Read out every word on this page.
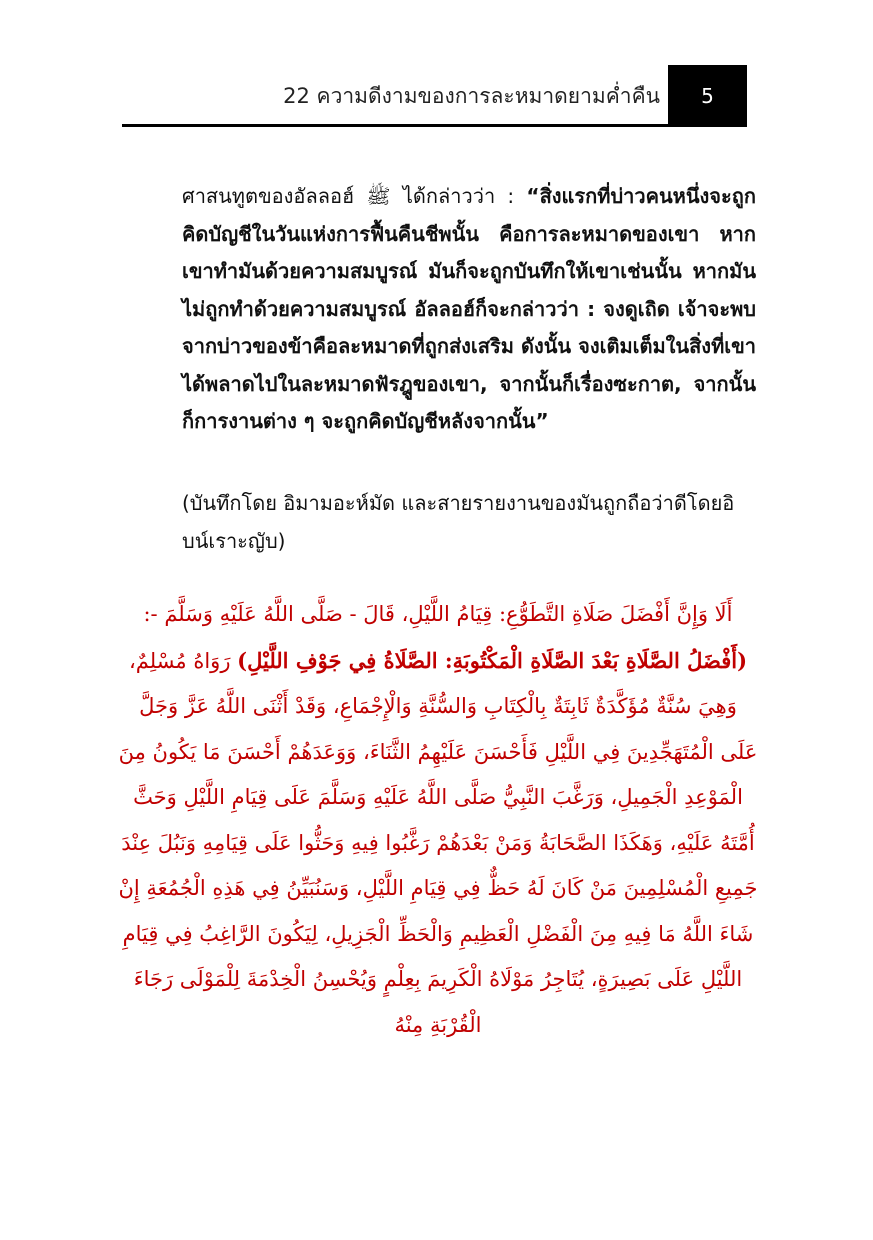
22 ความดีงามของการละหมาดยามค่ำคืน 5
ศาสนทูตของอัลลอฮ์ ﷺ ได้กล่าวว่า : “สิ่งแรกที่บ่าวคนหนึ่งจะถูกคิดบัญชีในวันแห่งการฟื้นคืนชีพนั้น คือการละหมาดของเขา หากเขาทำมันด้วยความสมบูรณ์ มันก็จะถูกบันทึกให้เขาเช่นนั้น หากมันไม่ถูกทำด้วยความสมบูรณ์ อัลลอฮ์ก็จะกล่าวว่า : จงดูเถิด เจ้าจะพบจากบ่าวของข้าคือละหมาดที่ถูกส่งเสริม ดังนั้น จงเติมเต็มในสิ่งที่เขาได้พลาดไปในละหมาดฟัรฎูของเขา, จากนั้นก็เรื่องซะกาต, จากนั้นก็การงานต่าง ๆ จะถูกคิดบัญชีหลังจากนั้น”
(บันทึกโดย อิมามอะห์มัด และสายรายงานของมันถูกถือว่าดีโดยอิบน์เราะญับ)
أَلَا وَإِنَّ أَفْضَلَ صَلَاةِ التَّطَوُّعِ: قِيَامُ اللَّيْلِ، قَالَ - صَلَّى اللَّهُ عَلَيْهِ وَسَلَّمَ -: (أَفْضَلُ الصَّلَاةِ بَعْدَ الصَّلَاةِ الْمَكْتُوبَةِ: الصَّلَاةُ فِي جَوْفِ اللَّيْلِ) رَوَاهُ مُسْلِمٌ، وَهِيَ سُنَّةٌ مُؤَكَّدَةٌ ثَابِتَةٌ بِالْكِتَابِ وَالسُّنَّةِ وَالْإِجْمَاعِ، وَقَدْ أَثْنَى اللَّهُ عَزَّ وَجَلَّ عَلَى الْمُتَهَجِّدِينَ فِي اللَّيْلِ فَأَحْسَنَ عَلَيْهِمُ الثَّنَاءَ، وَوَعَدَهُمْ أَحْسَنَ مَا يَكُونُ مِنَ الْمَوْعِدِ الْجَمِيلِ، وَرَغَّبَ النَّبِيُّ صَلَّى اللَّهُ عَلَيْهِ وَسَلَّمَ عَلَى قِيَامِ اللَّيْلِ وَحَثَّ أُمَّتَهُ عَلَيْهِ، وَهَكَذَا الصَّحَابَةُ وَمَنْ بَعْدَهُمْ رَغَّبُوا فِيهِ وَحَثُّوا عَلَى قِيَامِهِ وَنَبُلَ عِنْدَ جَمِيعِ الْمُسْلِمِينَ مَنْ كَانَ لَهُ حَظٌّ فِي قِيَامِ اللَّيْلِ، وَسَنُبَيِّنُ فِي هَذِهِ الْجُمُعَةِ إِنْ شَاءَ اللَّهُ مَا فِيهِ مِنَ الْفَضْلِ الْعَظِيمِ وَالْحَظِّ الْجَزِيلِ، لِيَكُونَ الرَّاغِبُ فِي قِيَامِ اللَّيْلِ عَلَى بَصِيرَةٍ، يُتَاجِرُ مَوْلَاهُ الْكَرِيمَ بِعِلْمٍ وَيُحْسِنُ الْخِدْمَةَ لِلْمَوْلَى رَجَاءَ الْقُرْبَةِ مِنْهُ
